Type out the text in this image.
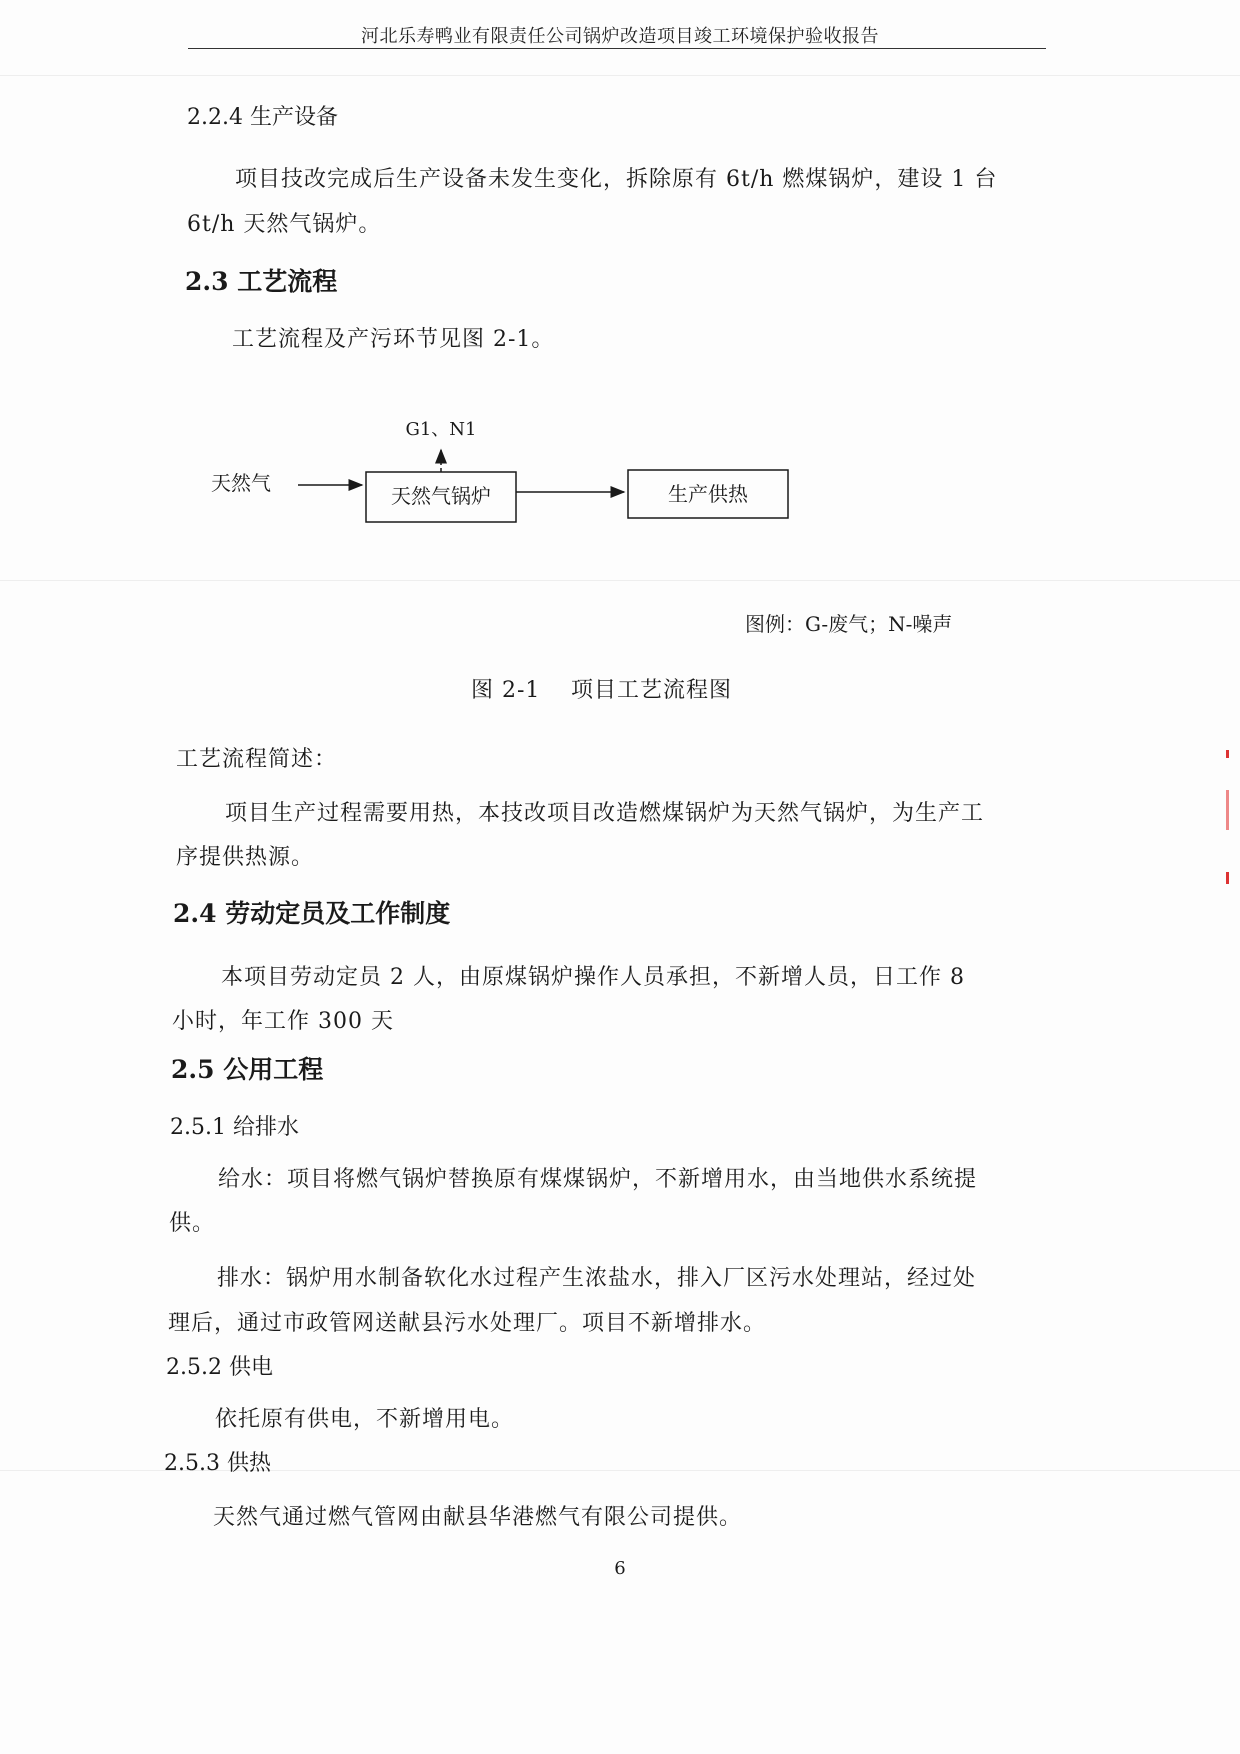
河北乐寿鸭业有限责任公司锅炉改造项目竣工环境保护验收报告
2.2.4 生产设备
项目技改完成后生产设备未发生变化，拆除原有 6t/h 燃煤锅炉，建设 1 台
6t/h 天然气锅炉。
2.3 工艺流程
工艺流程及产污环节见图 2-1。
天然气
天然气锅炉	生产供热
G1、N1
图例：G-废气；N-噪声
图 2-1 项目工艺流程图
工艺流程简述：
项目生产过程需要用热，本技改项目改造燃煤锅炉为天然气锅炉，为生产工
序提供热源。
2.4 劳动定员及工作制度
本项目劳动定员 2 人，由原煤锅炉操作人员承担，不新增人员，日工作 8
小时，年工作 300 天
2.5 公用工程
2.5.1 给排水
给水：项目将燃气锅炉替换原有煤煤锅炉，不新增用水，由当地供水系统提
供。
排水：锅炉用水制备软化水过程产生浓盐水，排入厂区污水处理站，经过处
理后，通过市政管网送献县污水处理厂。项目不新增排水。
2.5.2 供电
依托原有供电，不新增用电。
2.5.3 供热
天然气通过燃气管网由献县华港燃气有限公司提供。
6
